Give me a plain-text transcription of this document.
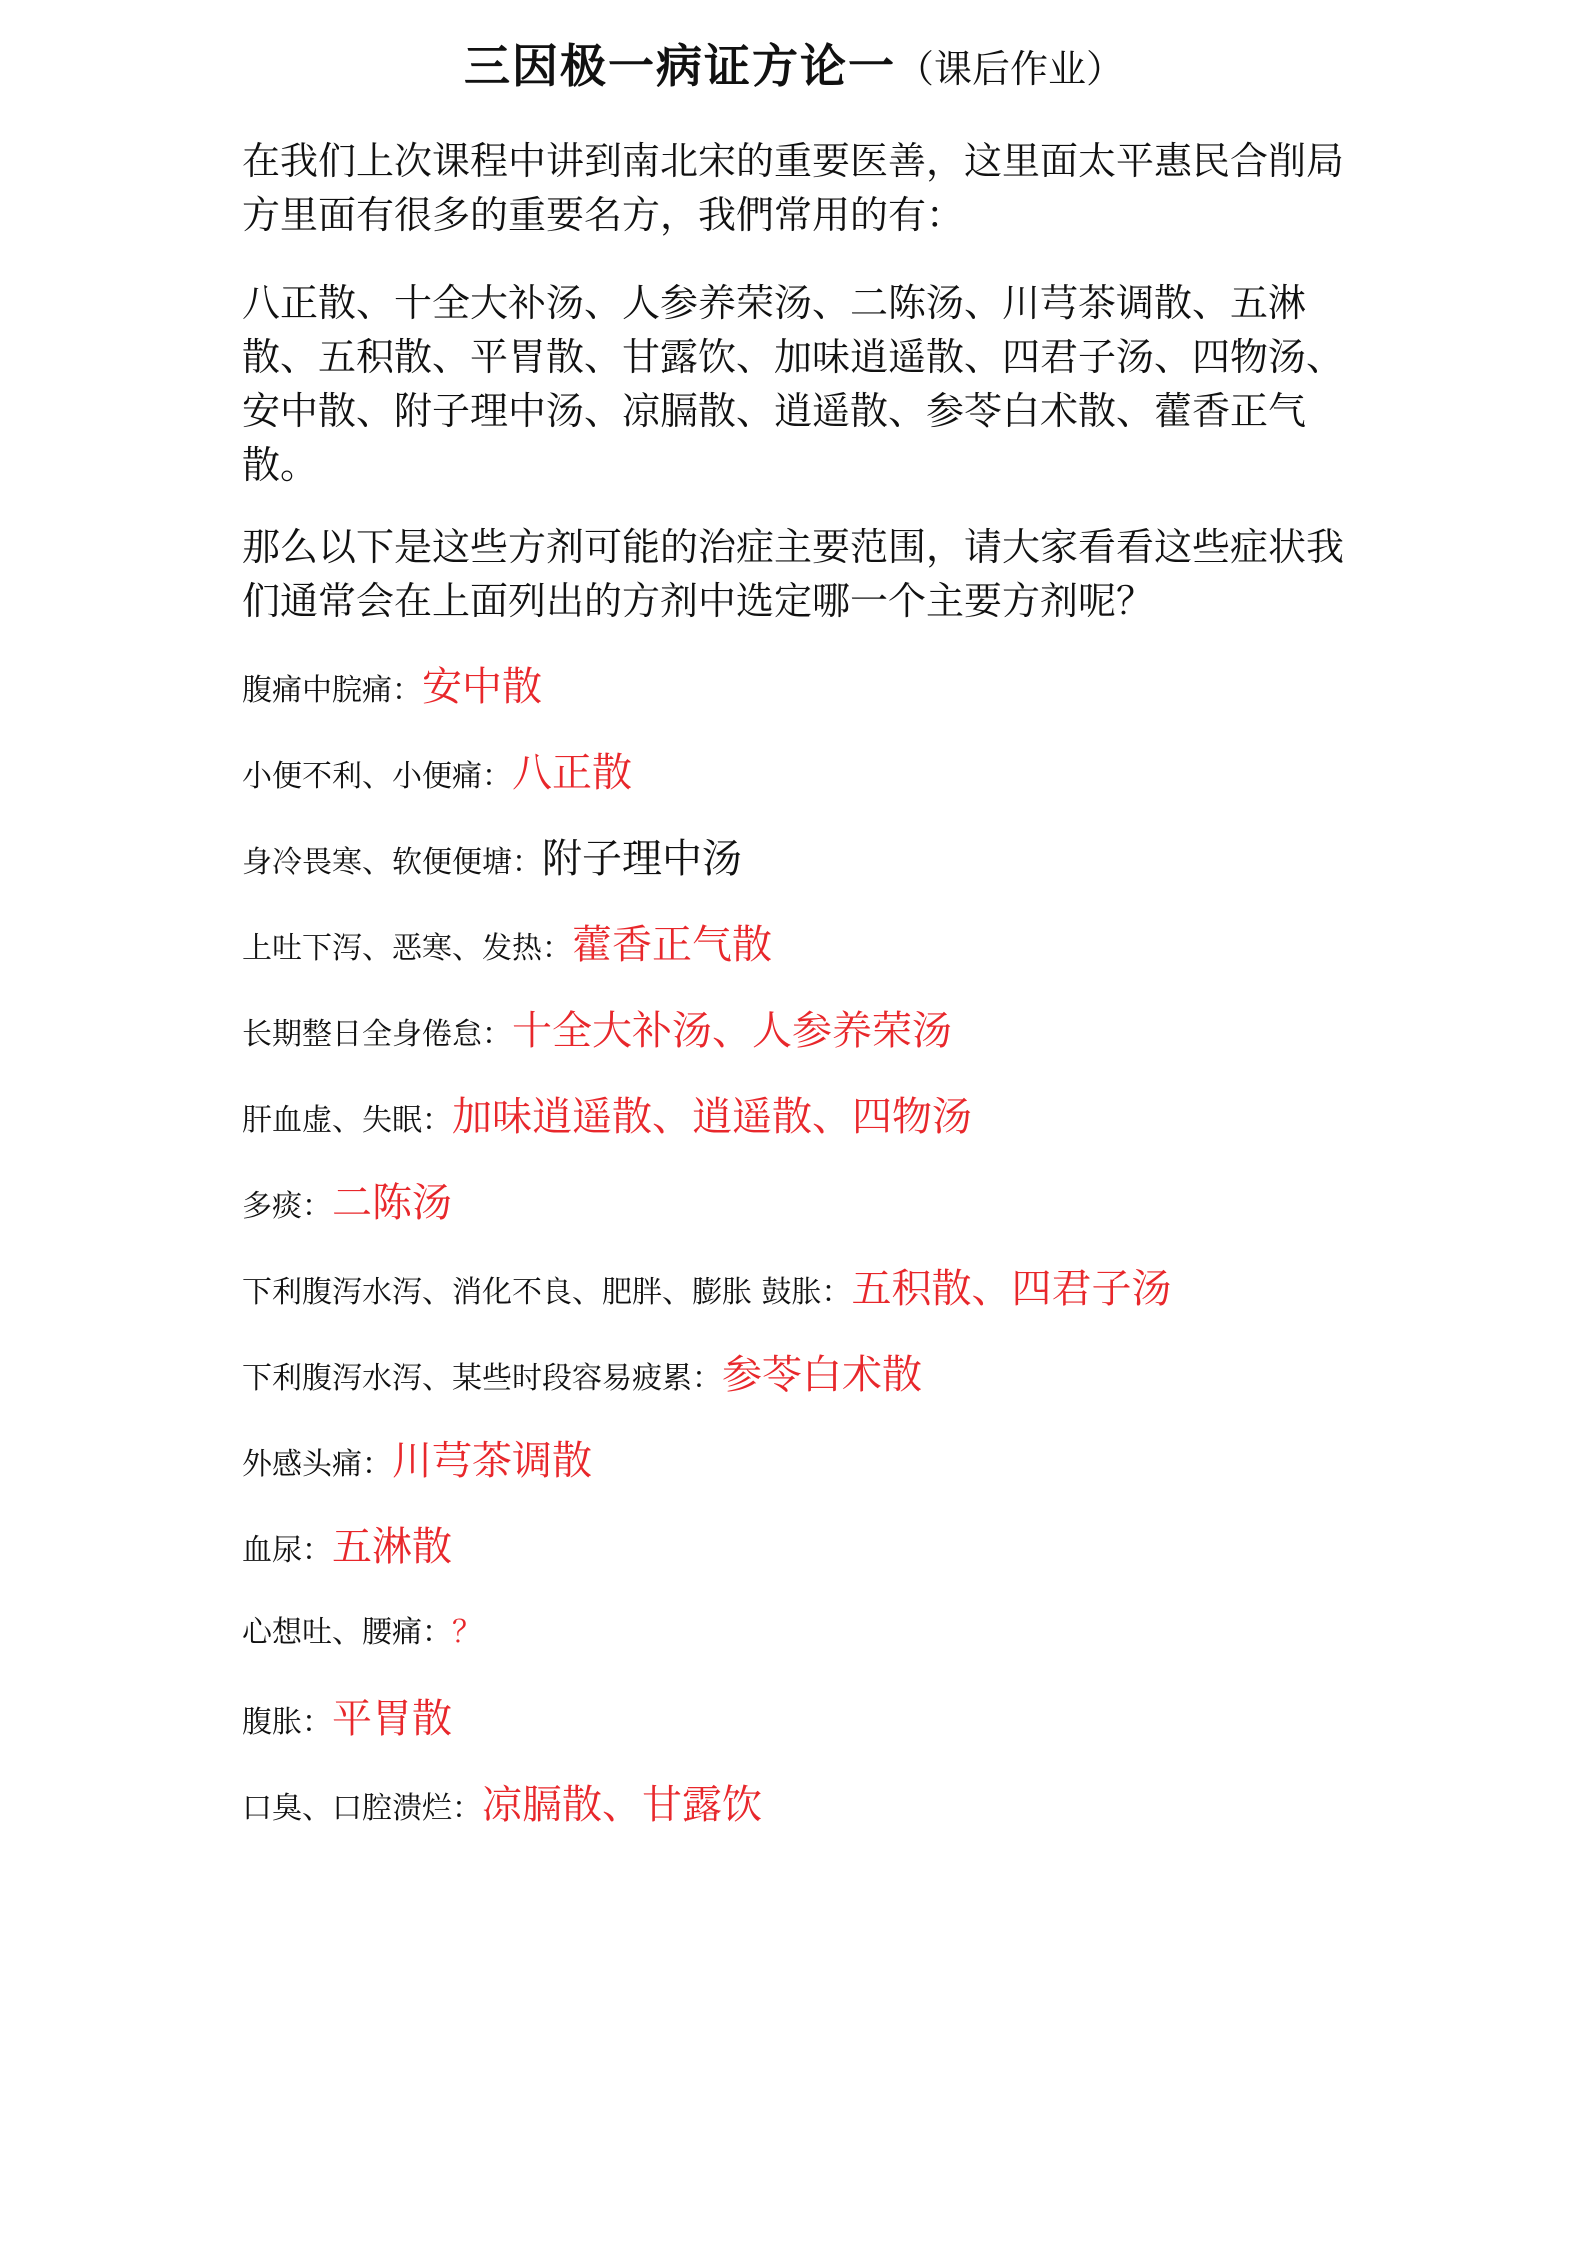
三因极一病证方论一（课后作业）

在我们上次课程中讲到南北宋的重要医善，这里面太平惠民合削局方里面有很多的重要名方，我們常用的有：

八正散、十全大补汤、人参养荣汤、二陈汤、川芎茶调散、五淋散、五积散、平胃散、甘露饮、加味逍遥散、四君子汤、四物汤、安中散、附子理中汤、凉膈散、逍遥散、参苓白术散、藿香正气散。

那么以下是这些方剂可能的治症主要范围，请大家看看这些症状我们通常会在上面列出的方剂中选定哪一个主要方剂呢？

腹痛中脘痛：安中散
小便不利、小便痛：八正散
身冷畏寒、软便便塘：附子理中汤
上吐下泻、恶寒、发热：藿香正气散
长期整日全身倦怠：十全大补汤、人参养荣汤
肝血虚、失眠：加味逍遥散、逍遥散、四物汤
多痰：二陈汤
下利腹泻水泻、消化不良、肥胖、膨胀 鼓胀：五积散、四君子汤
下利腹泻水泻、某些时段容易疲累：参苓白术散
外感头痛：川芎茶调散
血尿：五淋散
心想吐、腰痛：？
腹胀：平胃散
口臭、口腔溃烂：凉膈散、甘露饮
